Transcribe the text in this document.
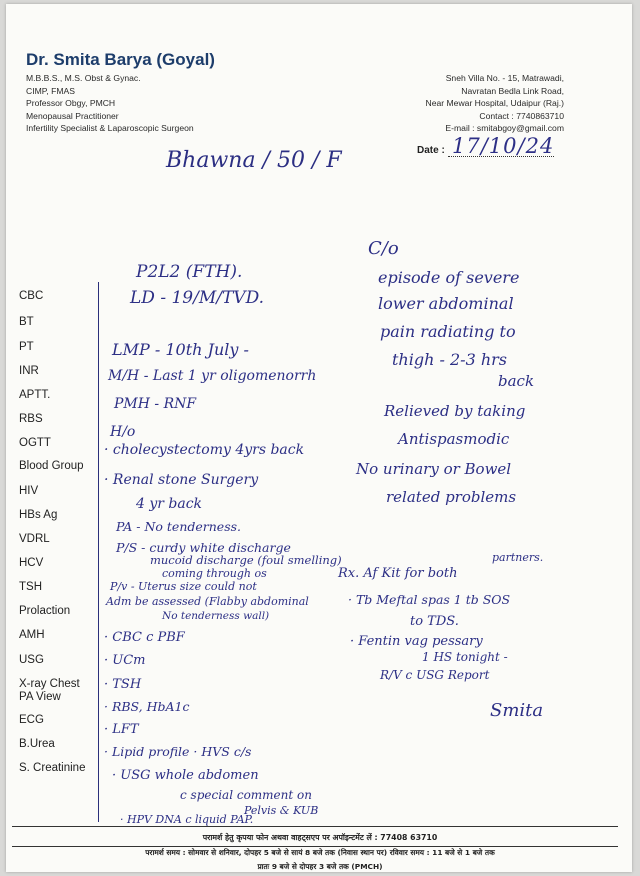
Dr. Smita Barya (Goyal)
M.B.B.S., M.S. Obst & Gynac.
CIMP, FMAS
Professor Obgy, PMCH
Menopausal Practitioner
Infertility Specialist & Laparoscopic Surgeon
Sneh Villa No. - 15, Matrawadi,
Navratan Bedla Link Road,
Near Mewar Hospital, Udaipur (Raj.)
Contact : 7740863710
E-mail : smitabgoy@gmail.com
Date : 17/10/24
Bhawna / 50 / F
CBC
BT
PT
INR
APTT.
RBS
OGTT
Blood Group
HIV
HBs Ag
VDRL
HCV
TSH
Prolaction
AMH
USG
X-ray Chest
PA View
ECG
B.Urea
S. Creatinine
P2L2 (FTH).
LD - 19/M/TVD.
LMP - 10th July -
M/H - Last 1 yr oligomenorrh
PMH - RNF
H/o
· cholecystectomy 4yrs back
· Renal stone Surgery
4 yr back
PA - No tenderness.
P/S - curdy white discharge
mucoid discharge (foul smelling)
coming through os
P/v - Uterus size could not
Adm be assessed (Flabby abdominal
No tenderness wall)
· CBC c PBF
· UCm
· TSH
· RBS, HbA1c
· LFT
· Lipid profile · HVS c/s
· USG whole abdomen
c special comment on
Pelvis & KUB
· HPV DNA c liquid PAP.
C/o
episode of severe
lower abdominal
pain radiating to
thigh - 2-3 hrs
back
Relieved by taking
Antispasmodic
No urinary or Bowel
related problems
Rx. Af Kit for both
partners.
· Tb Meftal spas 1 tb SOS
to TDS.
· Fentin vag pessary
1 HS tonight -
R/V c USG Report
Smita
परामर्श हेतु कृपया फोन अथवा वाहट्सएप पर अपॉइन्टमेंट लें : 77408 63710
परामर्श समय : सोमवार से शनिवार, दोपहर 5 बजे से सायं 8 बजे तक (निवास स्थान पर) रविवार समय : 11 बजे से 1 बजे तक
प्रातः 9 बजे से दोपहर 3 बजे तक (PMCH)
